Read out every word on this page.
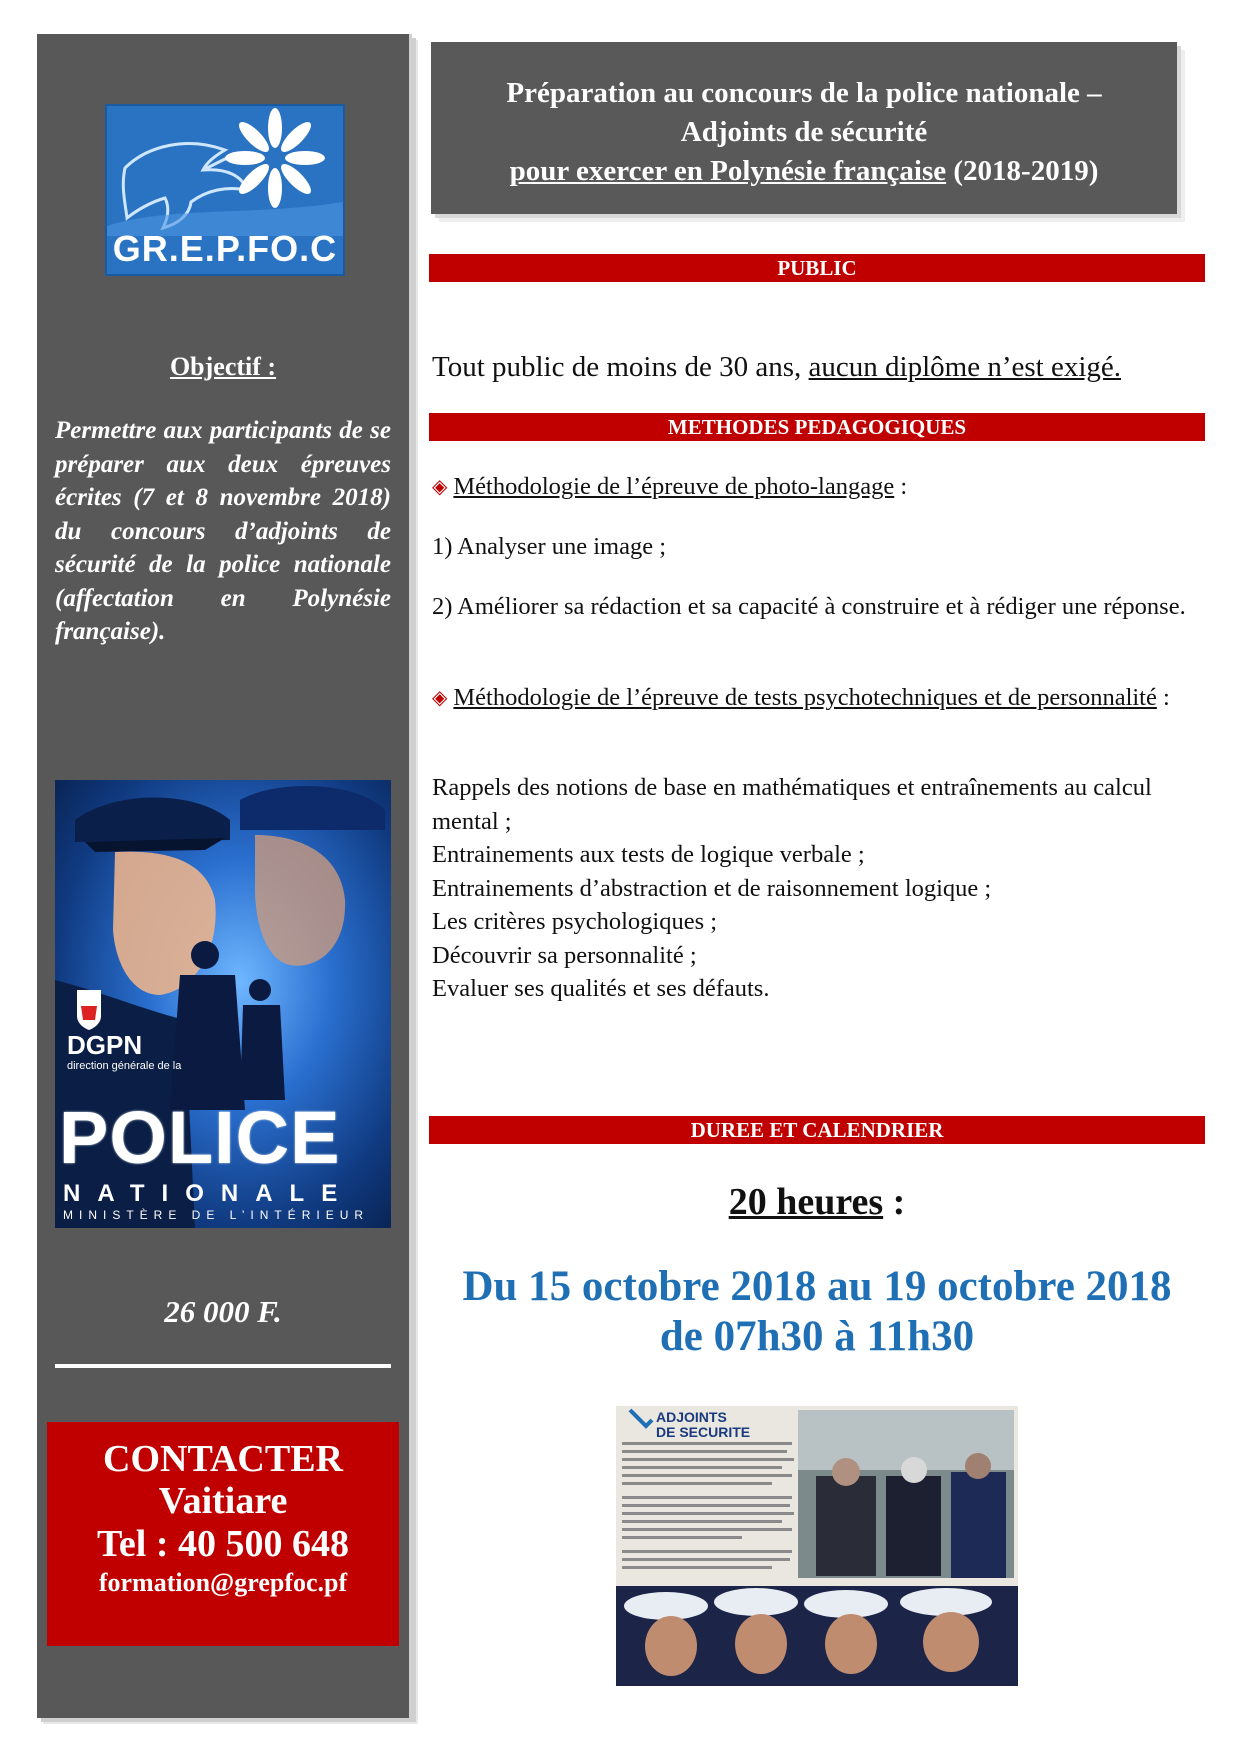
GR.E.P.FO.C
Objectif :
Permettre aux participants de se préparer aux deux épreuves écrites (7 et 8 novembre 2018) du concours d’adjoints de sécurité de la police nationale (affectation en Polynésie française).
DGPN
direction générale de la
POLICE
NATIONALE
MINISTÈRE DE L’INTÉRIEUR
26 000 F.
CONTACTER
Vaitiare
Tel : 40 500 648
formation@grepfoc.pf
Préparation au concours de la police nationale –
Adjoints de sécurité
pour exercer en Polynésie française (2018-2019)
PUBLIC
Tout public de moins de 30 ans, aucun diplôme n’est exigé.
METHODES PEDAGOGIQUES
◈ Méthodologie de l’épreuve de photo-langage :
1) Analyser une image ;
2) Améliorer sa rédaction et sa capacité à construire et à rédiger une réponse.
◈ Méthodologie de l’épreuve de tests psychotechniques et de personnalité :
Rappels des notions de base en mathématiques et entraînements au calcul mental ;
Entrainements aux tests de logique verbale ;
Entrainements d’abstraction et de raisonnement logique ;
Les critères psychologiques ;
Découvrir sa personnalité ;
Evaluer ses qualités et ses défauts.
DUREE ET CALENDRIER
20 heures :
Du 15 octobre 2018 au 19 octobre 2018
de 07h30 à 11h30
ADJOINTS
DE SECURITE
